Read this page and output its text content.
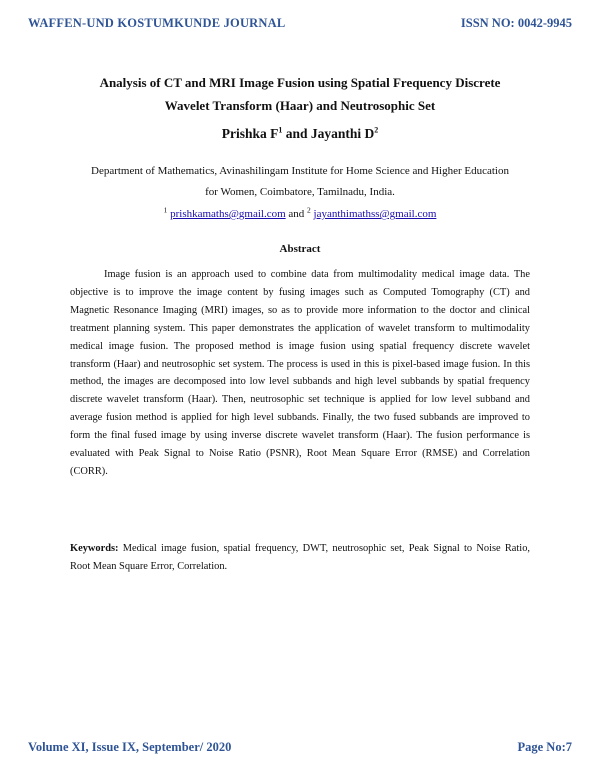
WAFFEN-UND KOSTUMKUNDE JOURNAL	ISSN NO: 0042-9945
Analysis of CT and MRI Image Fusion using Spatial Frequency Discrete
Wavelet Transform (Haar) and Neutrosophic Set
Prishka $F^1$ and Jayanthi $D^2$
Department of Mathematics, Avinashilingam Institute for Home Science and Higher Education
for Women, Coimbatore, Tamilnadu, India.
$^1$ prishkamaths@gmail.com and $^2$ jayanthimathss@gmail.com
Abstract

Image fusion is an approach used to combine data from multimodality medical image data. The objective is to improve the image content by fusing images such as Computed Tomography (CT) and Magnetic Resonance Imaging (MRI) images, so as to provide more information to the doctor and clinical treatment planning system. This paper demonstrates the application of wavelet transform to multimodality medical image fusion. The proposed method is image fusion using spatial frequency discrete wavelet transform (Haar) and neutrosophic set system. The process is used in this is pixel-based image fusion. In this method, the images are decomposed into low level subbands and high level subbands by spatial frequency discrete wavelet transform (Haar). Then, neutrosophic set technique is applied for low level subband and average fusion method is applied for high level subbands. Finally, the two fused subbands are improved to form the final fused image by using inverse discrete wavelet transform (Haar). The fusion performance is evaluated with Peak Signal to Noise Ratio (PSNR), Root Mean Square Error (RMSE) and Correlation (CORR).

Keywords: Medical image fusion, spatial frequency, DWT, neutrosophic set, Peak Signal to Noise Ratio, Root Mean Square Error, Correlation.

Volume XI, Issue IX, September/ 2020	Page No:7
